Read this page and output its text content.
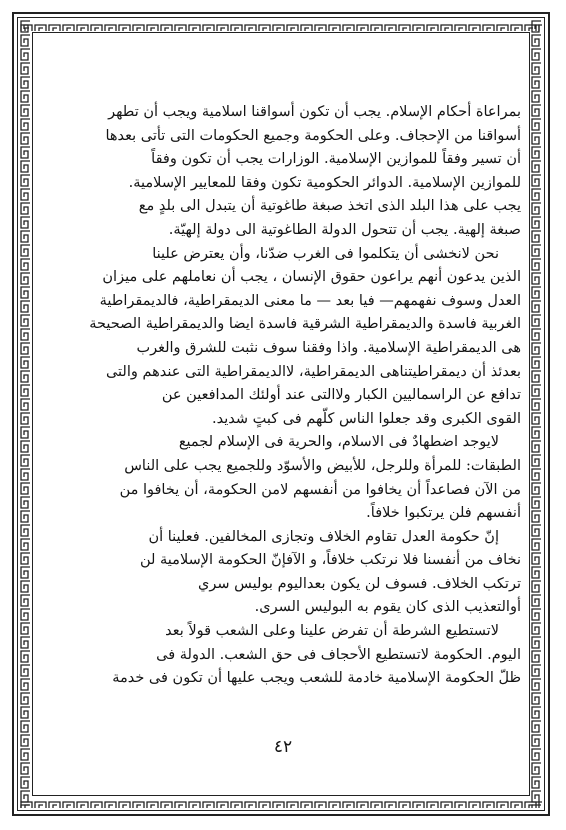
بمراعاة أحكام الإسلام. يجب أن تكون أسواقنا اسلامية ويجب أن تطهر
أسواقنا من الإحجاف. وعلى الحكومة وجميع الحكومات التى تأتى بعدها
أن تسير وفقاً للموازين الإسلامية. الوزارات يجب أن تكون وفقاً
للموازين الإسلامية. الدوائر الحكومية تكون وفقا للمعايير الإسلامية.
يجب على هذا البلد الذى اتخذ صبغة طاغوتية أن يتبدل الى بلدٍ مع
صبغة إلهية. يجب أن تتحول الدولة الطاغوتية الى دولة إلهيّة.
نحن لانخشى أن يتكلموا فى الغرب ضدّنا، وأن يعترض علينا
الذين يدعون أنهم يراعون حقوق الإنسان ، يجب أن نعاملهم على ميزان
العدل وسوف نفهمهم— فيا بعد — ما معنى الديمقراطية، فالديمقراطية
الغربية فاسدة والديمقراطية الشرقية فاسدة ايضا والديمقراطية الصحيحة
هى الديمقراطية الإسلامية. واذا وفقنا سوف نثبت للشرق والغرب
بعدئذ أن ديمقراطيتناهى الديمقراطية، لاالديمقراطية التى عندهم والتى
تدافع عن الراسماليين الكبار ولاالتى عند أولئك المدافعين عن
القوى الكبرى وقد جعلوا الناس كلّهم فى كبتٍ شديد.
لايوجد اضطهادٌ فى الاسلام، والحرية فى الإسلام لجميع
الطبقات: للمرأة وللرجل، للأبيض والأسوّد وللجميع يجب على الناس
من الآن فصاعداً أن يخافوا من أنفسهم لامن الحكومة، أن يخافوا من
أنفسهم فلن يرتكبوا خلافاً.
إنّ حكومة العدل تقاوم الخلاف وتجازى المخالفين. فعلينا أن
نخاف من أنفسنا فلا نرتكب خلافاً، و الآفإنّ الحكومة الإسلامية لن
ترتكب الخلاف. فسوف لن يكون بعداليوم بوليس سري
أوالتعذيب الذى كان يقوم به البوليس السرى.
لاتستطيع الشرطة أن تفرض علينا وعلى الشعب قولاً بعد
اليوم. الحكومة لاتستطيع الأحجاف فى حق الشعب. الدولة فى
ظلّ الحكومة الإسلامية خادمة للشعب ويجب عليها أن تكون فى خدمة
٤٢
